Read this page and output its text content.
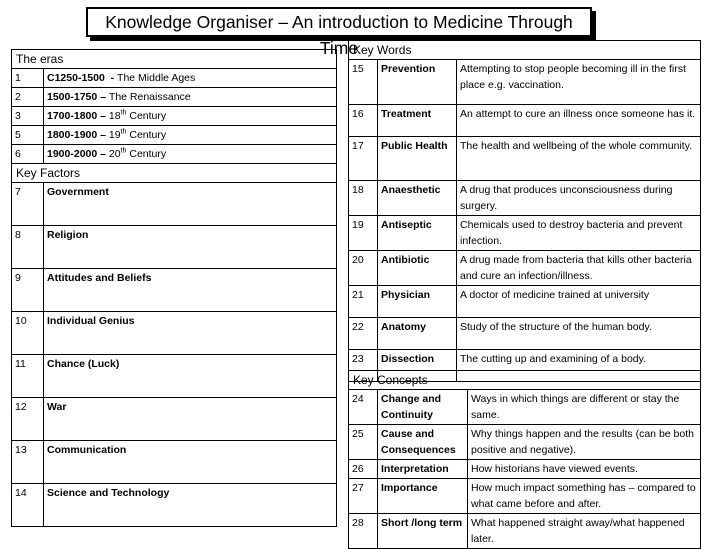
Knowledge Organiser – An introduction to Medicine Through Time
The eras	
1	C1250-1500  - The Middle Ages
2	1500-1750 – The Renaissance
3	1700-1800 – 18th Century
5	1800-1900 – 19th Century
6	1900-2000 – 20th Century
Key Factors	
7	Government
8	Religion
9	Attitudes and Beliefs
10	Individual Genius
11	Chance (Luck)
12	War
13	Communication
14	Science and Technology
Key Words		
15	Prevention	Attempting to stop people becoming ill in the first place e.g. vaccination.
16	Treatment	An attempt to cure an illness once someone has it.
17	Public Health	The health and wellbeing of the whole community.
18	Anaesthetic	A drug that produces unconsciousness during surgery.
19	Antiseptic	Chemicals used to destroy bacteria and prevent infection.
20	Antibiotic	A drug made from bacteria that kills other bacteria and cure an infection/illness.
21	Physician	A doctor of medicine trained at university
22	Anatomy	Study of the structure of the human body.
23	Dissection	The cutting up and examining of a body.
Key Concepts		
24	Change and Continuity	Ways in which things are different or stay the same.
25	Cause and Consequences	Why things happen and the results (can be both positive and negative).
26	Interpretation	How historians have viewed events.
27	Importance	How much impact something has – compared to what came before and after.
28	Short /long term	What happened straight away/what happened later.
